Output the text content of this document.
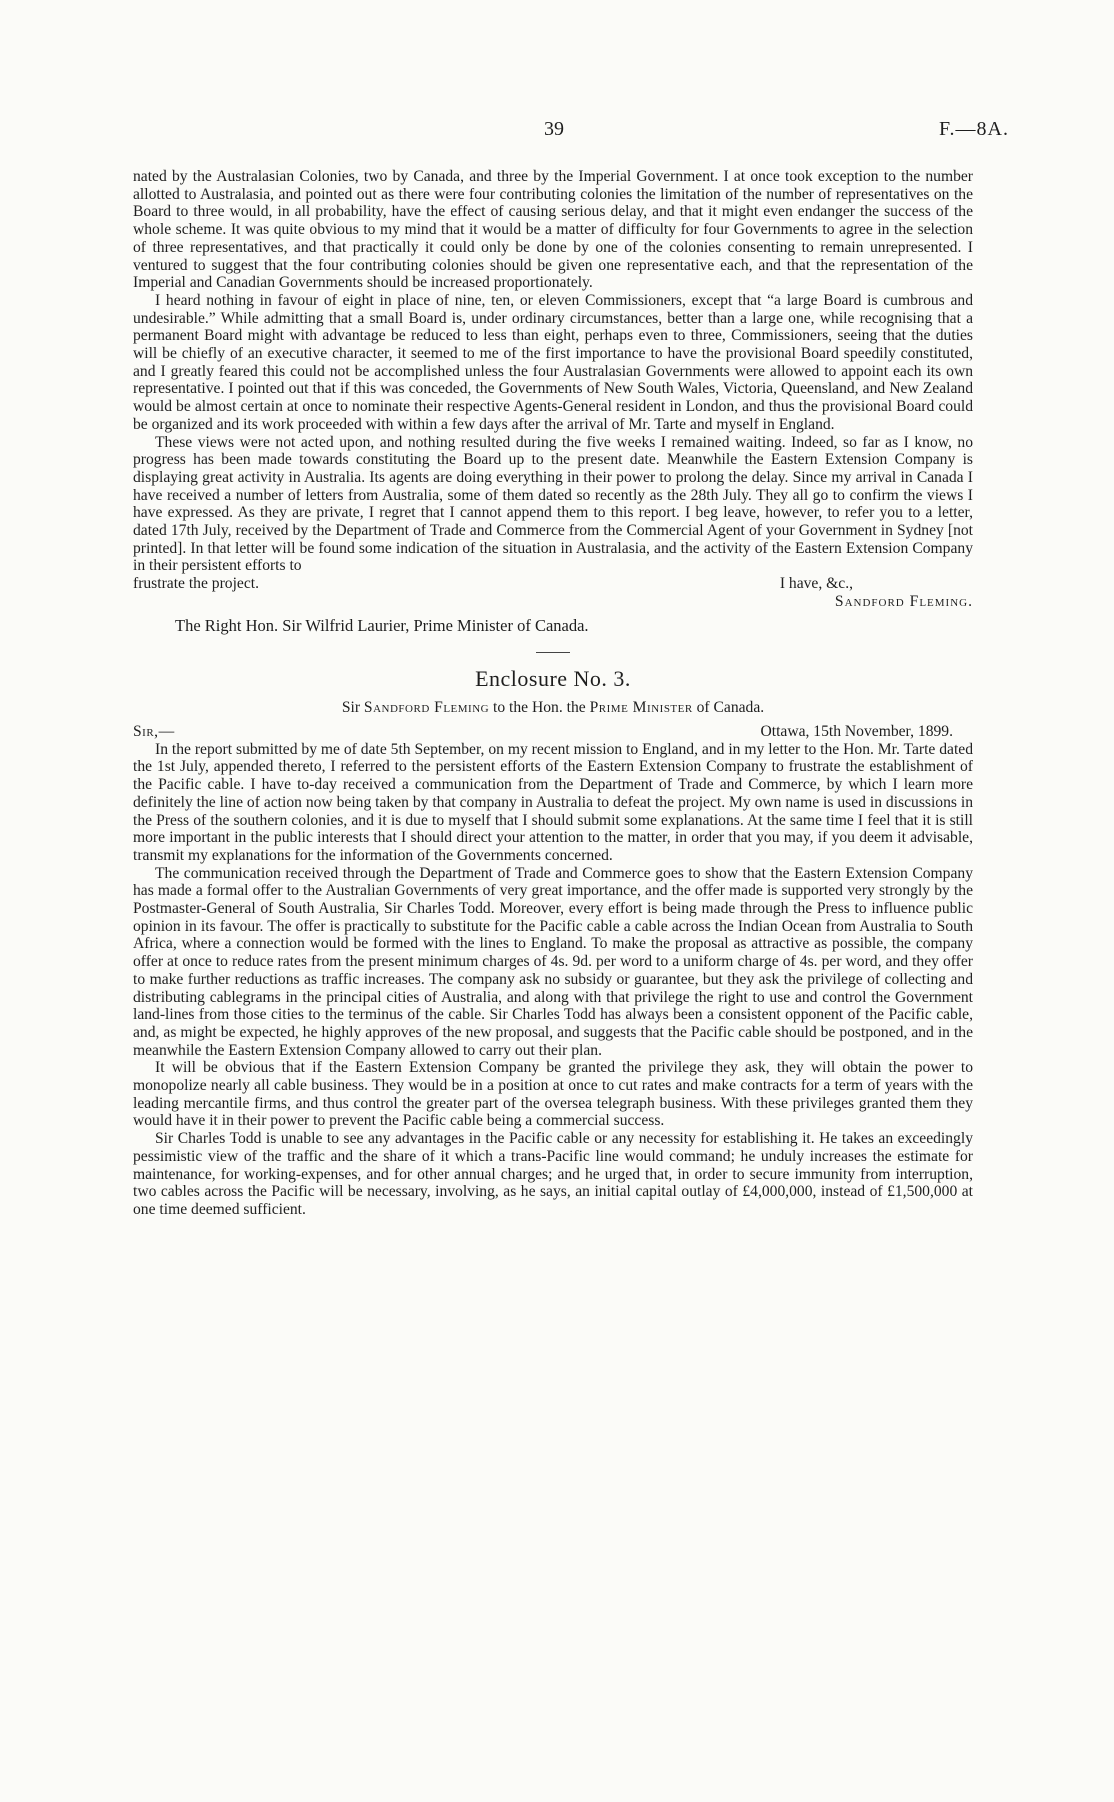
39	F.—8A.

nated by the Australasian Colonies, two by Canada, and three by the Imperial Government. I at once took exception to the number allotted to Australasia, and pointed out as there were four contributing colonies the limitation of the number of representatives on the Board to three would, in all probability, have the effect of causing serious delay, and that it might even endanger the success of the whole scheme. It was quite obvious to my mind that it would be a matter of difficulty for four Governments to agree in the selection of three representatives, and that practically it could only be done by one of the colonies consenting to remain unrepresented. I ventured to suggest that the four contributing colonies should be given one representative each, and that the representation of the Imperial and Canadian Governments should be increased proportionately.

I heard nothing in favour of eight in place of nine, ten, or eleven Commissioners, except that “a large Board is cumbrous and undesirable.” While admitting that a small Board is, under ordinary circumstances, better than a large one, while recognising that a permanent Board might with advantage be reduced to less than eight, perhaps even to three, Commissioners, seeing that the duties will be chiefly of an executive character, it seemed to me of the first importance to have the provisional Board speedily constituted, and I greatly feared this could not be accomplished unless the four Australasian Governments were allowed to appoint each its own representative. I pointed out that if this was conceded, the Governments of New South Wales, Victoria, Queensland, and New Zealand would be almost certain at once to nominate their respective Agents-General resident in London, and thus the provisional Board could be organized and its work proceeded with within a few days after the arrival of Mr. Tarte and myself in England.

These views were not acted upon, and nothing resulted during the five weeks I remained waiting. Indeed, so far as I know, no progress has been made towards constituting the Board up to the present date. Meanwhile the Eastern Extension Company is displaying great activity in Australia. Its agents are doing everything in their power to prolong the delay. Since my arrival in Canada I have received a number of letters from Australia, some of them dated so recently as the 28th July. They all go to confirm the views I have expressed. As they are private, I regret that I cannot append them to this report. I beg leave, however, to refer you to a letter, dated 17th July, received by the Department of Trade and Commerce from the Commercial Agent of your Government in Sydney [not printed]. In that letter will be found some indication of the situation in Australasia, and the activity of the Eastern Extension Company in their persistent efforts to

frustrate the project.	I have, &c.,
Sandford Fleming.
The Right Hon. Sir Wilfrid Laurier, Prime Minister of Canada.
Enclosure No. 3.
Sir Sandford Fleming to the Hon. the Prime Minister of Canada.
Sir,—	Ottawa, 15th November, 1899.

In the report submitted by me of date 5th September, on my recent mission to England, and in my letter to the Hon. Mr. Tarte dated the 1st July, appended thereto, I referred to the persistent efforts of the Eastern Extension Company to frustrate the establishment of the Pacific cable. I have to-day received a communication from the Department of Trade and Commerce, by which I learn more definitely the line of action now being taken by that company in Australia to defeat the project. My own name is used in discussions in the Press of the southern colonies, and it is due to myself that I should submit some explanations. At the same time I feel that it is still more important in the public interests that I should direct your attention to the matter, in order that you may, if you deem it advisable, transmit my explanations for the information of the Governments concerned.

The communication received through the Department of Trade and Commerce goes to show that the Eastern Extension Company has made a formal offer to the Australian Governments of very great importance, and the offer made is supported very strongly by the Postmaster-General of South Australia, Sir Charles Todd. Moreover, every effort is being made through the Press to influence public opinion in its favour. The offer is practically to substitute for the Pacific cable a cable across the Indian Ocean from Australia to South Africa, where a connection would be formed with the lines to England. To make the proposal as attractive as possible, the company offer at once to reduce rates from the present minimum charges of 4s. 9d. per word to a uniform charge of 4s. per word, and they offer to make further reductions as traffic increases. The company ask no subsidy or guarantee, but they ask the privilege of collecting and distributing cablegrams in the principal cities of Australia, and along with that privilege the right to use and control the Government land-lines from those cities to the terminus of the cable. Sir Charles Todd has always been a consistent opponent of the Pacific cable, and, as might be expected, he highly approves of the new proposal, and suggests that the Pacific cable should be postponed, and in the meanwhile the Eastern Extension Company allowed to carry out their plan.

It will be obvious that if the Eastern Extension Company be granted the privilege they ask, they will obtain the power to monopolize nearly all cable business. They would be in a position at once to cut rates and make contracts for a term of years with the leading mercantile firms, and thus control the greater part of the oversea telegraph business. With these privileges granted them they would have it in their power to prevent the Pacific cable being a commercial success.

Sir Charles Todd is unable to see any advantages in the Pacific cable or any necessity for establishing it. He takes an exceedingly pessimistic view of the traffic and the share of it which a trans-Pacific line would command; he unduly increases the estimate for maintenance, for working-expenses, and for other annual charges; and he urged that, in order to secure immunity from interruption, two cables across the Pacific will be necessary, involving, as he says, an initial capital outlay of £4,000,000, instead of £1,500,000 at one time deemed sufficient.
